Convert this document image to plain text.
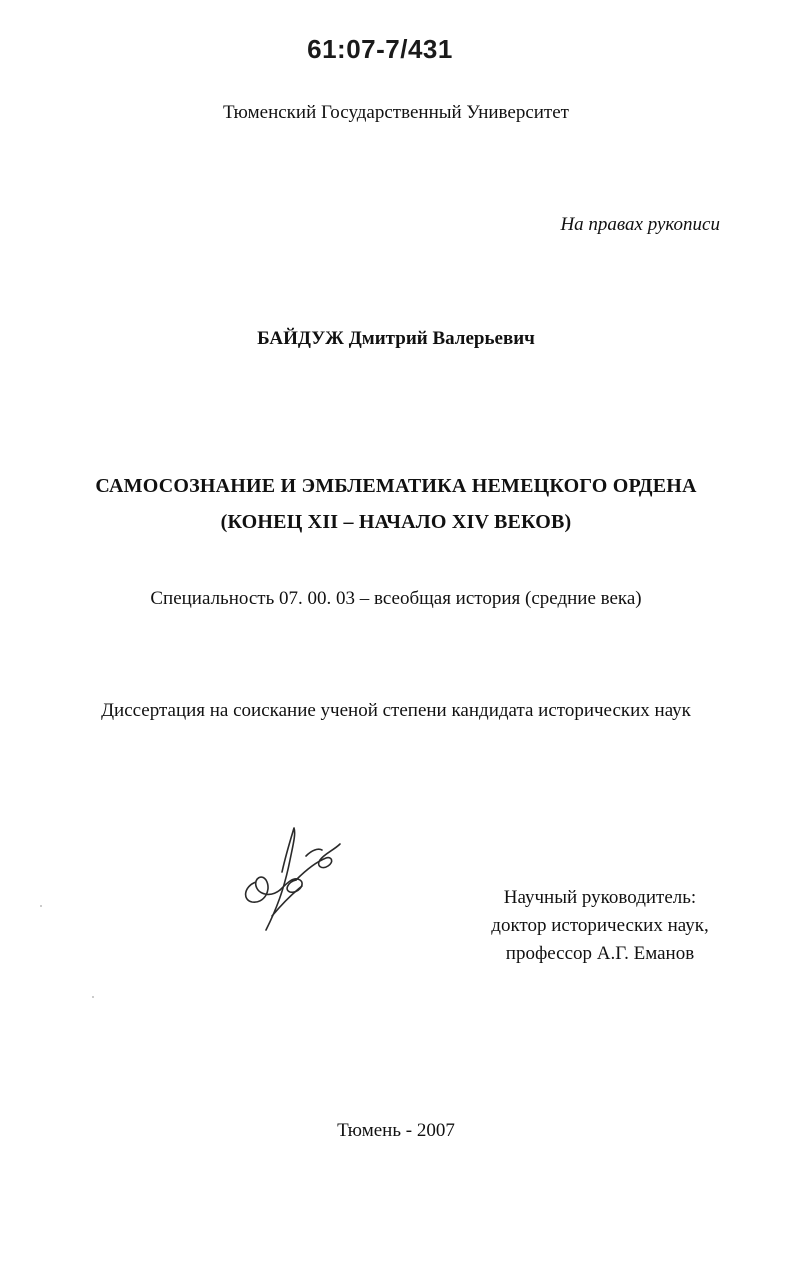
61:07-7/431

Тюменский Государственный Университет

На правах рукописи

БАЙДУЖ Дмитрий Валерьевич

САМОСОЗНАНИЕ И ЭМБЛЕМАТИКА НЕМЕЦКОГО ОРДЕНА

(КОНЕЦ XII – НАЧАЛО XIV ВЕКОВ)

Специальность 07. 00. 03 – всеобщая история (средние века)

Диссертация на соискание ученой степени кандидата исторических наук

Научный руководитель:
доктор исторических наук,
профессор А.Г. Еманов

Тюмень - 2007
